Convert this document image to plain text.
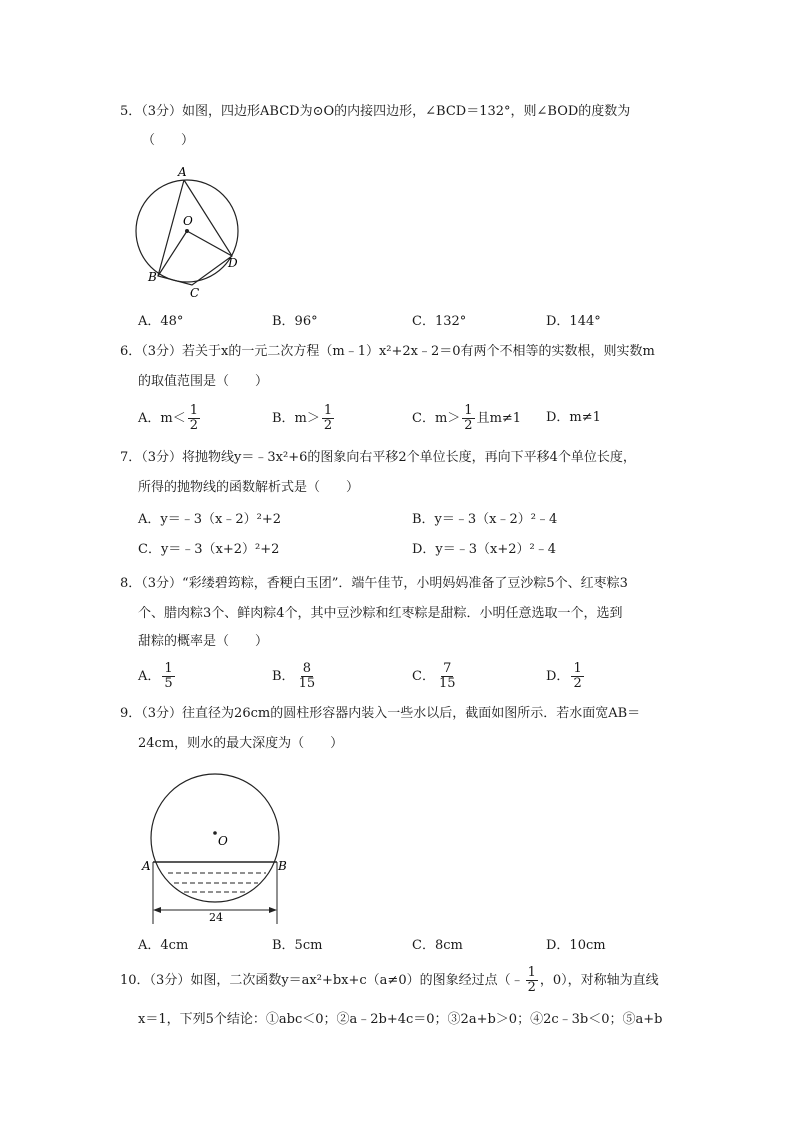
5．（3分）如图，四边形ABCD为⊙O的内接四边形，∠BCD＝132°，则∠BOD的度数为
（　　）
A
O
B
C
D
A．48°	B．96°	C．132°	D．144°
6．（3分）若关于x的一元二次方程（m﹣1）x²+2x﹣2＝0有两个不相等的实数根，则实数m
的取值范围是（　　）
A．$m< \frac{1}{2}$	B．$m> \frac{1}{2}$	C．$m> \frac{1}{2}$ 且m≠1 D．m≠1
7．（3分）将抛物线y＝﹣3x²+6的图象向右平移2个单位长度，再向下平移4个单位长度，
所得的抛物线的函数解析式是（　　）
A．y＝﹣3（x﹣2）²+2	B．y＝﹣3（x﹣2）²﹣4
C．y＝﹣3（x+2）²+2	D．y＝﹣3（x+2）²﹣4
8．（3分）“彩缕碧筠粽，香粳白玉团”．端午佳节，小明妈妈准备了豆沙粽5个、红枣粽3
个、腊肉粽3个、鲜肉粽4个，其中豆沙粽和红枣粽是甜粽．小明任意选取一个，选到
甜粽的概率是（　　）
A． $\frac{1}{5}$	B． $\frac{8}{15}$	C． $\frac{7}{15}$	D． $\frac{1}{2}$
9．（3分）往直径为26cm的圆柱形容器内装入一些水以后，截面如图所示．若水面宽AB＝
24cm，则水的最大深度为（　　）
O
A	B
24
A．4cm	B．5cm	C．8cm	D．10cm
10．（3分）如图，二次函数y＝ax²+bx+c（a≠0）的图象经过点（﹣ $\frac{1}{2}$ ，0），对称轴为直线
x＝1，下列5个结论：①abc＜0；②a﹣2b+4c＝0；③2a+b＞0；④2c﹣3b＜0；⑤a+b
